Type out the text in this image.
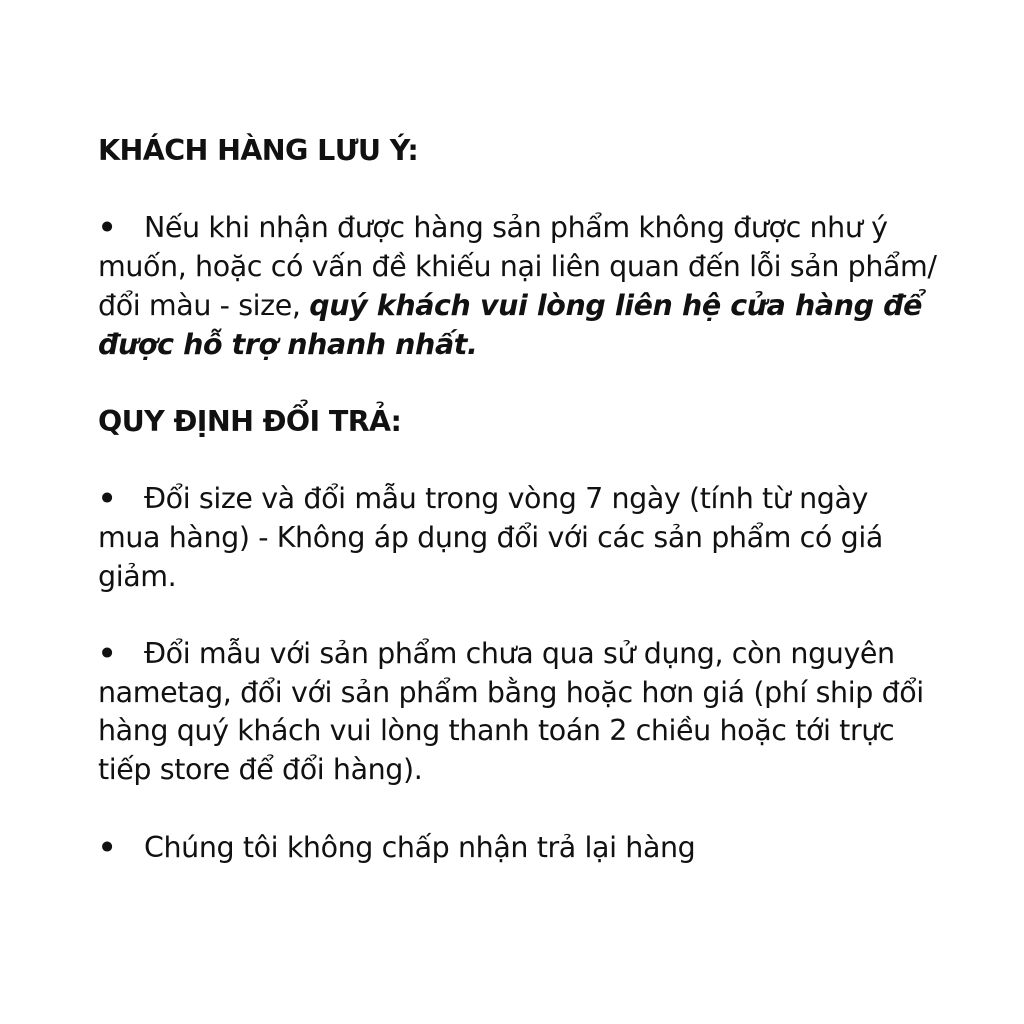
KHÁCH HÀNG LƯU Ý:

• Nếu khi nhận được hàng sản phẩm không được như ý muốn, hoặc có vấn đề khiếu nại liên quan đến lỗi sản phẩm/ đổi màu - size, quý khách vui lòng liên hệ cửa hàng để được hỗ trợ nhanh nhất.

QUY ĐỊNH ĐỔI TRẢ:

• Đổi size và đổi mẫu trong vòng 7 ngày (tính từ ngày mua hàng) - Không áp dụng đổi với các sản phẩm có giá giảm.

• Đổi mẫu với sản phẩm chưa qua sử dụng, còn nguyên nametag, đổi với sản phẩm bằng hoặc hơn giá (phí ship đổi hàng quý khách vui lòng thanh toán 2 chiều hoặc tới trực tiếp store để đổi hàng).

• Chúng tôi không chấp nhận trả lại hàng
